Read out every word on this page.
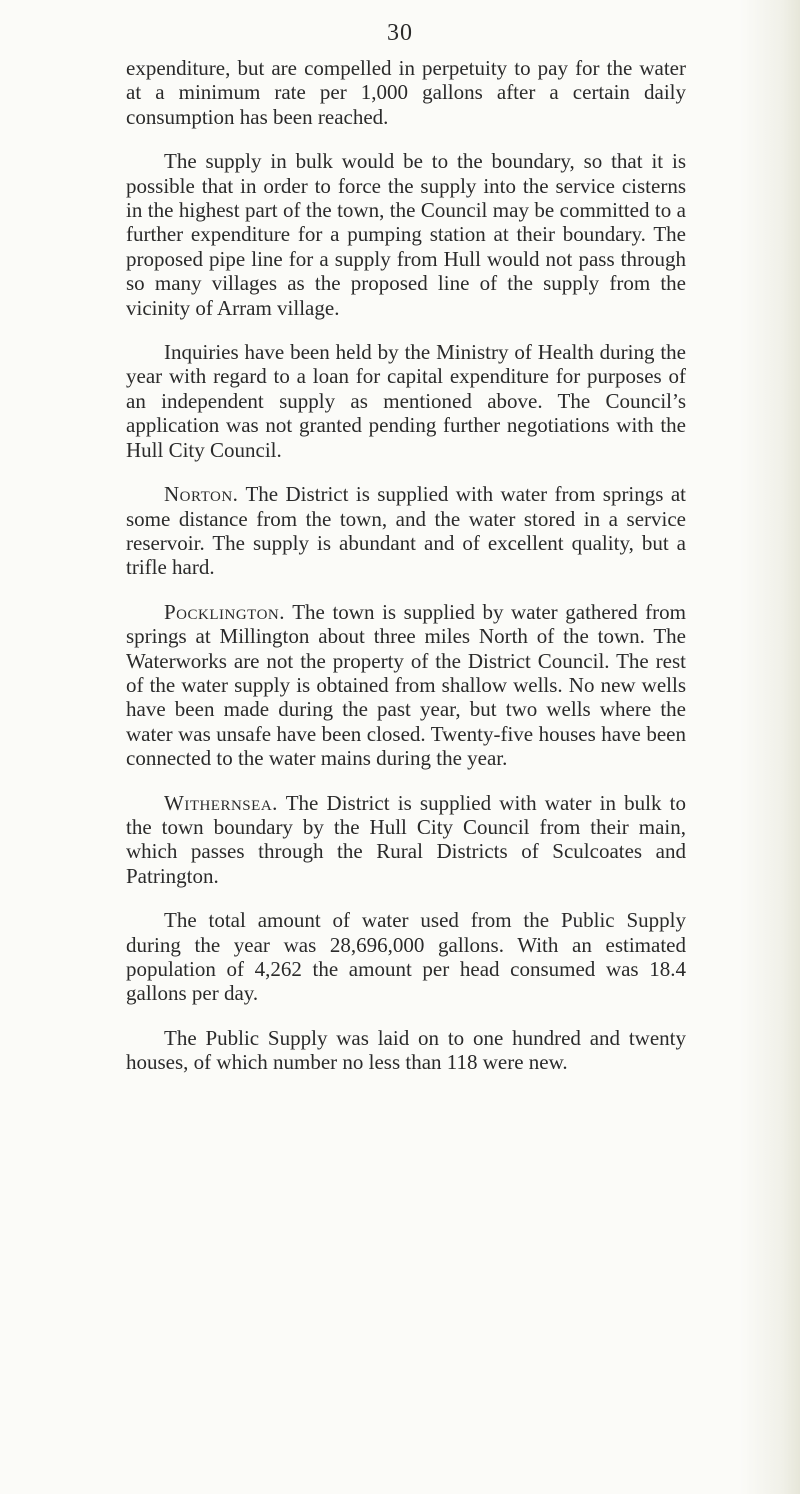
30

expenditure, but are compelled in perpetuity to pay for the water at a minimum rate per 1,000 gallons after a certain daily consumption has been reached.

The supply in bulk would be to the boundary, so that it is possible that in order to force the supply into the service cisterns in the highest part of the town, the Council may be committed to a further expenditure for a pumping station at their boundary. The proposed pipe line for a supply from Hull would not pass through so many villages as the proposed line of the supply from the vicinity of Arram village.

Inquiries have been held by the Ministry of Health during the year with regard to a loan for capital expenditure for purposes of an independent supply as mentioned above. The Council’s application was not granted pending further negotiations with the Hull City Council.

Norton. The District is supplied with water from springs at some distance from the town, and the water stored in a service reservoir. The supply is abundant and of excellent quality, but a trifle hard.

Pocklington. The town is supplied by water gathered from springs at Millington about three miles North of the town. The Waterworks are not the property of the District Council. The rest of the water supply is obtained from shallow wells. No new wells have been made during the past year, but two wells where the water was unsafe have been closed. Twenty-five houses have been connected to the water mains during the year.

Withernsea. The District is supplied with water in bulk to the town boundary by the Hull City Council from their main, which passes through the Rural Districts of Sculcoates and Patrington.

The total amount of water used from the Public Supply during the year was 28,696,000 gallons. With an estimated population of 4,262 the amount per head consumed was 18.4 gallons per day.

The Public Supply was laid on to one hundred and twenty houses, of which number no less than 118 were new.
